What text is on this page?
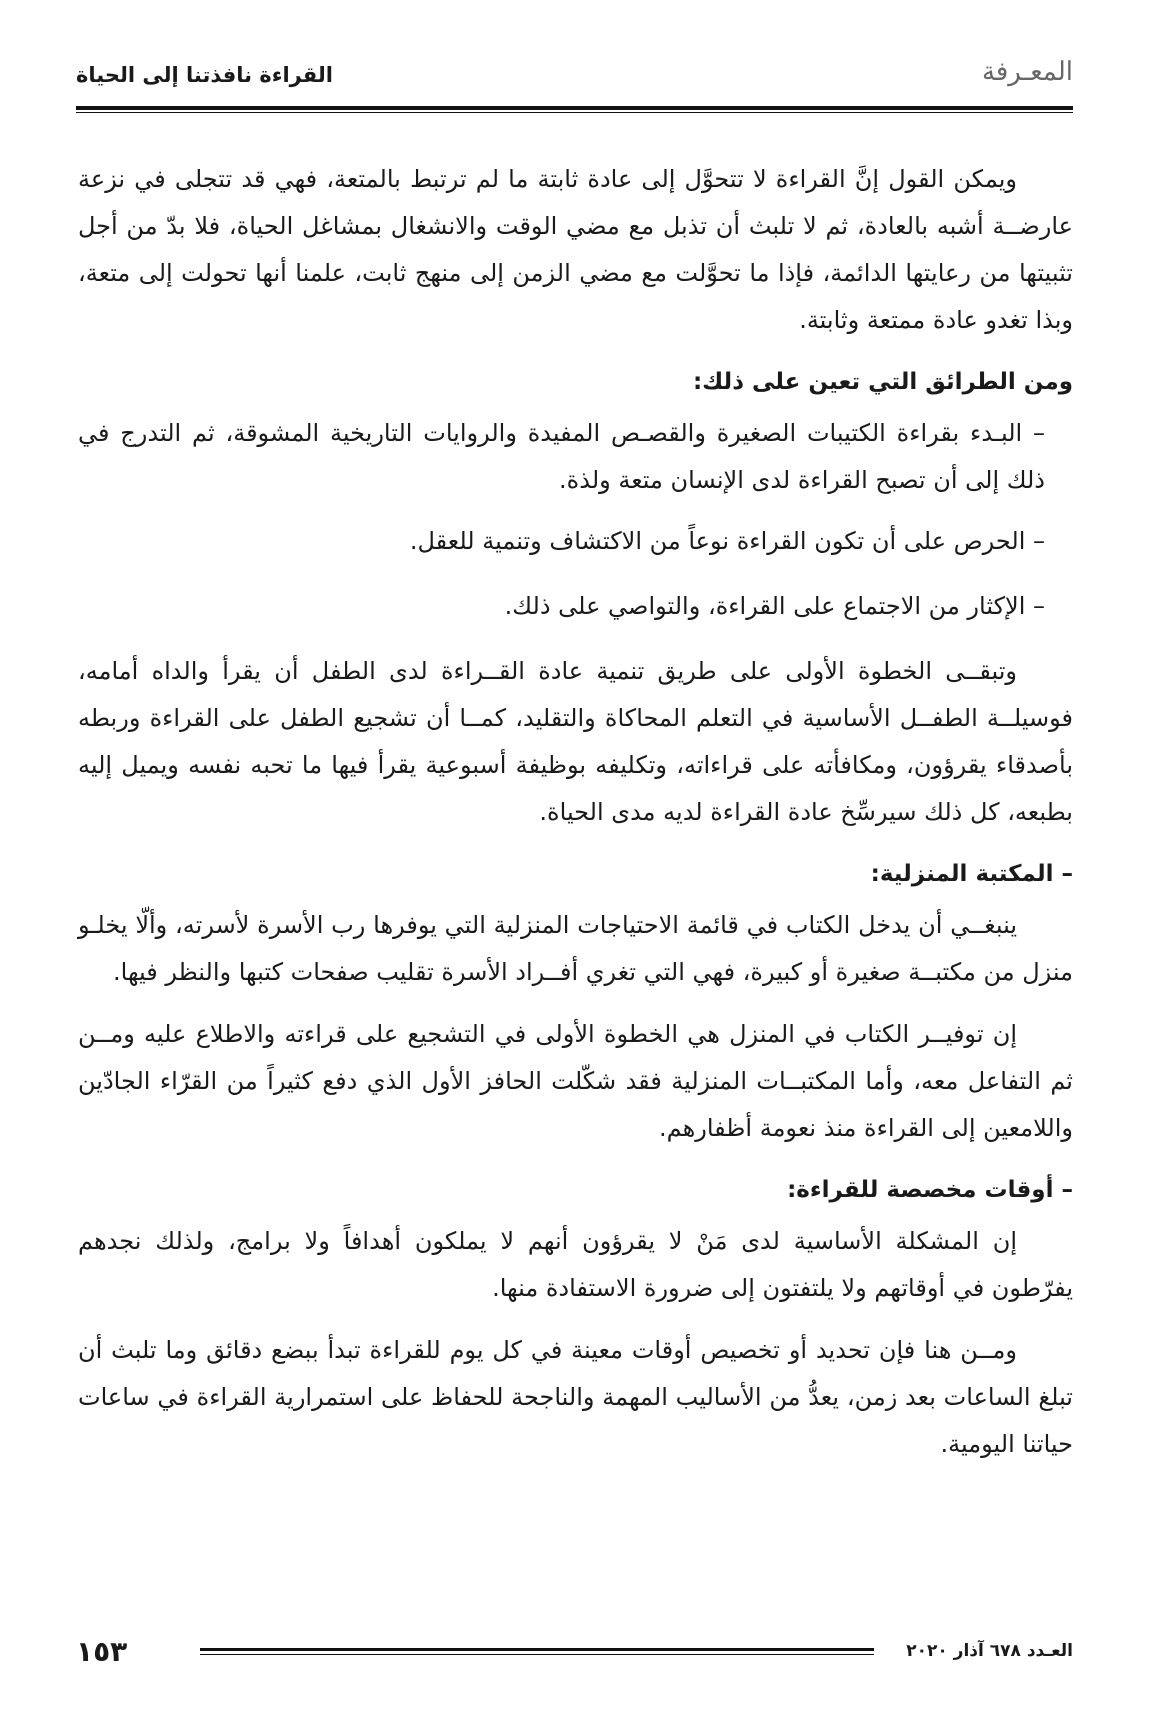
المعـرفة
القراءة نافذتنا إلى الحياة

ويمكن القول إنَّ القراءة لا تتحوَّل إلى عادة ثابتة ما لم ترتبط بالمتعة، فهي قد تتجلى في نزعة عارضــة أشبه بالعادة، ثم لا تلبث أن تذبل مع مضي الوقت والانشغال بمشاغل الحياة، فلا بدّ من أجل تثبيتها من رعايتها الدائمة، فإذا ما تحوَّلت مع مضي الزمن إلى منهج ثابت، علمنا أنها تحولت إلى متعة، وبذا تغدو عادة ممتعة وثابتة.

ومن الطرائق التي تعين على ذلك:

– البـدء بقراءة الكتيبات الصغيرة والقصـص المفيدة والروايات التاريخية المشوقة، ثم التدرج في ذلك إلى أن تصبح القراءة لدى الإنسان متعة ولذة.

– الحرص على أن تكون القراءة نوعاً من الاكتشاف وتنمية للعقل.

– الإكثار من الاجتماع على القراءة، والتواصي على ذلك.

وتبقــى الخطوة الأولى على طريق تنمية عادة القــراءة لدى الطفل أن يقرأ والداه أمامه، فوسيلــة الطفــل الأساسية في التعلم المحاكاة والتقليد، كمــا أن تشجيع الطفل على القراءة وربطه بأصدقاء يقرؤون، ومكافأته على قراءاته، وتكليفه بوظيفة أسبوعية يقرأ فيها ما تحبه نفسه ويميل إليه بطبعه، كل ذلك سيرسِّخ عادة القراءة لديه مدى الحياة.

– المكتبة المنزلية:

ينبغــي أن يدخل الكتاب في قائمة الاحتياجات المنزلية التي يوفرها رب الأسرة لأسرته، وألّا يخلـو منزل من مكتبــة صغيرة أو كبيرة، فهي التي تغري أفــراد الأسرة تقليب صفحات كتبها والنظر فيها.

إن توفيــر الكتاب في المنزل هي الخطوة الأولى في التشجيع على قراءته والاطلاع عليه ومــن ثم التفاعل معه، وأما المكتبــات المنزلية فقد شكّلت الحافز الأول الذي دفع كثيراً من القرّاء الجادّين واللامعين إلى القراءة منذ نعومة أظفارهم.

– أوقات مخصصة للقراءة:

إن المشكلة الأساسية لدى مَنْ لا يقرؤون أنهم لا يملكون أهدافاً ولا برامج، ولذلك نجدهم يفرّطون في أوقاتهم ولا يلتفتون إلى ضرورة الاستفادة منها.

ومــن هنا فإن تحديد أو تخصيص أوقات معينة في كل يوم للقراءة تبدأ ببضع دقائق وما تلبث أن تبلغ الساعات بعد زمن، يعدُّ من الأساليب المهمة والناجحة للحفاظ على استمرارية القراءة في ساعات حياتنا اليومية.

العـدد ٦٧٨ آذار ٢٠٢٠
١٥٣
